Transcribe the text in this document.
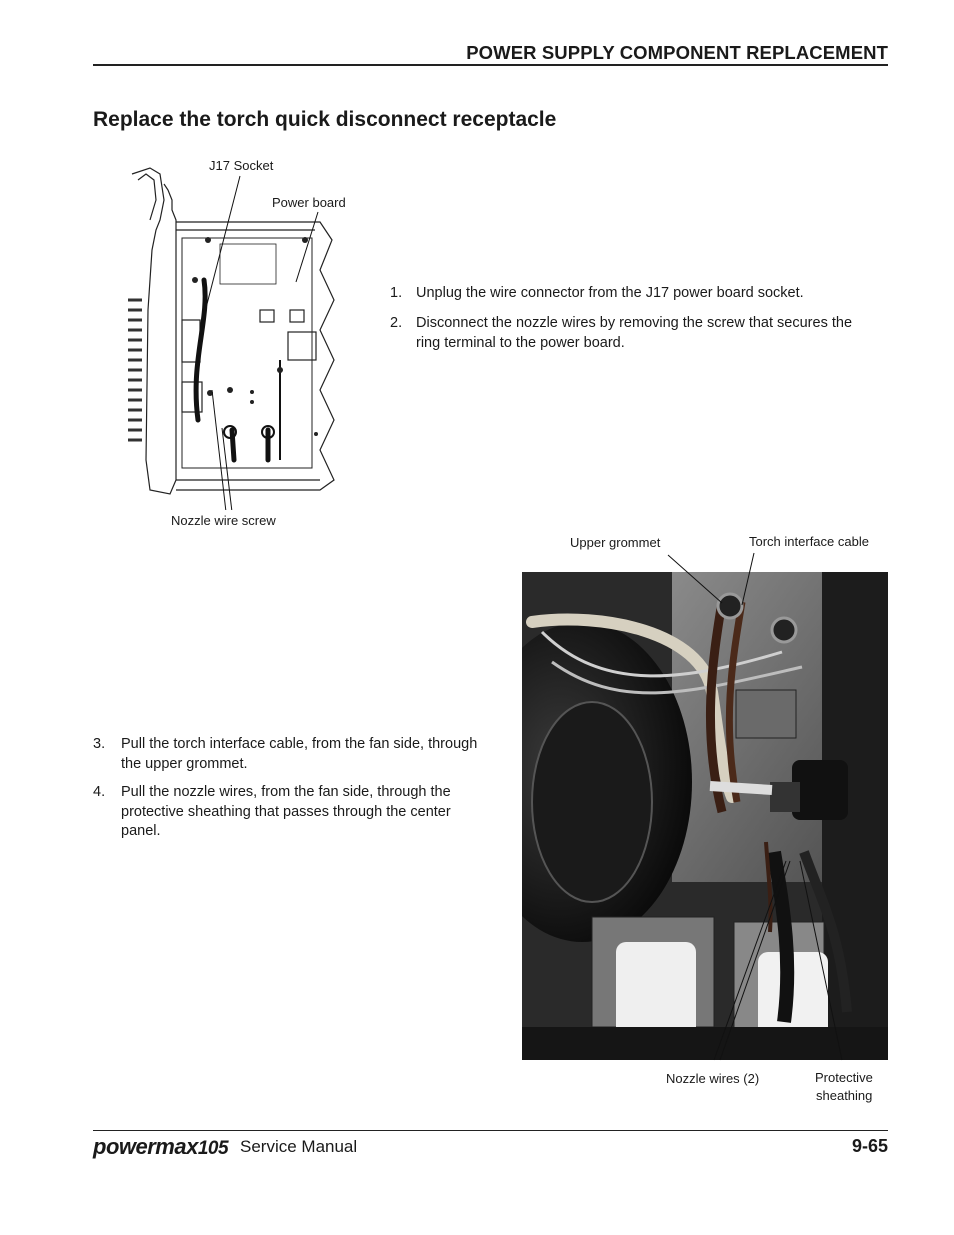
POWER SUPPLY COMPONENT REPLACEMENT
Replace the torch quick disconnect receptacle
J17 Socket
Power board
Nozzle wire screw
1. Unplug the wire connector from the J17 power board socket.
2. Disconnect the nozzle wires by removing the screw that secures the ring terminal to the power board.
Upper grommet	Torch interface cable
Nozzle wires (2)	Protective
sheathing
3.	Pull the torch interface cable, from the fan side, through the upper grommet.
4.	Pull the nozzle wires, from the fan side, through the protective sheathing that passes through the center panel.
powermax105 Service Manual	9-65
